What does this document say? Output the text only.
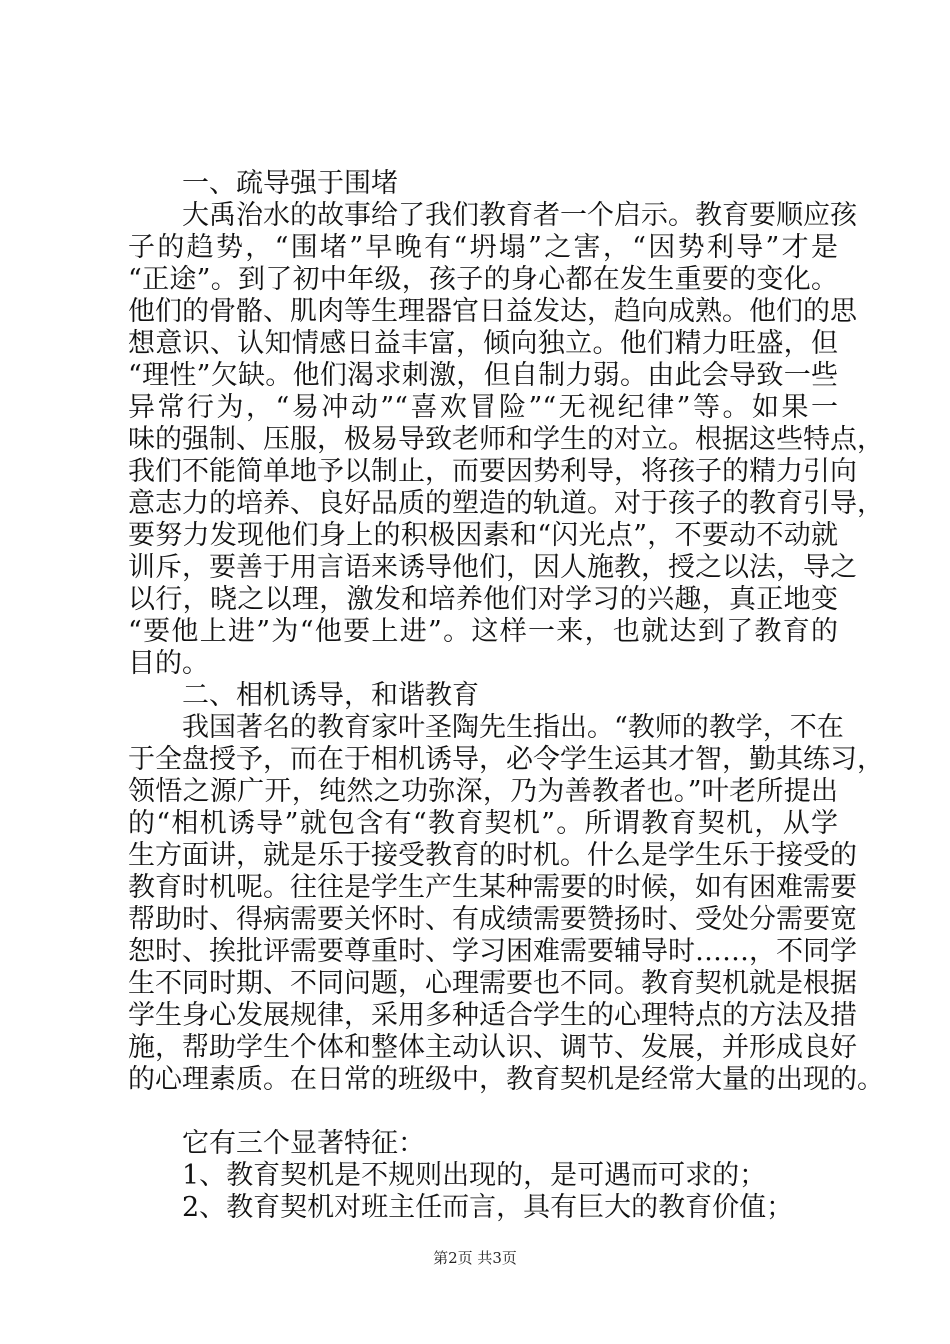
一、疏导强于围堵
大禹治水的故事给了我们教育者一个启示。教育要顺应孩
子的趋势，“围堵”早晚有“坍塌”之害，“因势利导”才是
“正途”。到了初中年级，孩子的身心都在发生重要的变化。
他们的骨骼、肌肉等生理器官日益发达，趋向成熟。他们的思
想意识、认知情感日益丰富，倾向独立。他们精力旺盛，但
“理性”欠缺。他们渴求刺激，但自制力弱。由此会导致一些
异常行为，“易冲动”“喜欢冒险”“无视纪律”等。如果一
味的强制、压服，极易导致老师和学生的对立。根据这些特点，
我们不能简单地予以制止，而要因势利导，将孩子的精力引向
意志力的培养、良好品质的塑造的轨道。对于孩子的教育引导，
要努力发现他们身上的积极因素和“闪光点”，不要动不动就
训斥，要善于用言语来诱导他们，因人施教，授之以法，导之
以行，晓之以理，激发和培养他们对学习的兴趣，真正地变
“要他上进”为“他要上进”。这样一来，也就达到了教育的
目的。
二、相机诱导，和谐教育
我国著名的教育家叶圣陶先生指出。“教师的教学，不在
于全盘授予，而在于相机诱导，必令学生运其才智，勤其练习，
领悟之源广开，纯然之功弥深，乃为善教者也。”叶老所提出
的“相机诱导”就包含有“教育契机”。所谓教育契机，从学
生方面讲，就是乐于接受教育的时机。什么是学生乐于接受的
教育时机呢。往往是学生产生某种需要的时候，如有困难需要
帮助时、得病需要关怀时、有成绩需要赞扬时、受处分需要宽
恕时、挨批评需要尊重时、学习困难需要辅导时……，不同学
生不同时期、不同问题，心理需要也不同。教育契机就是根据
学生身心发展规律，采用多种适合学生的心理特点的方法及措
施，帮助学生个体和整体主动认识、调节、发展，并形成良好
的心理素质。在日常的班级中，教育契机是经常大量的出现的。
它有三个显著特征：
1、教育契机是不规则出现的，是可遇而可求的；
2、教育契机对班主任而言，具有巨大的教育价值；
第2页 共3页
